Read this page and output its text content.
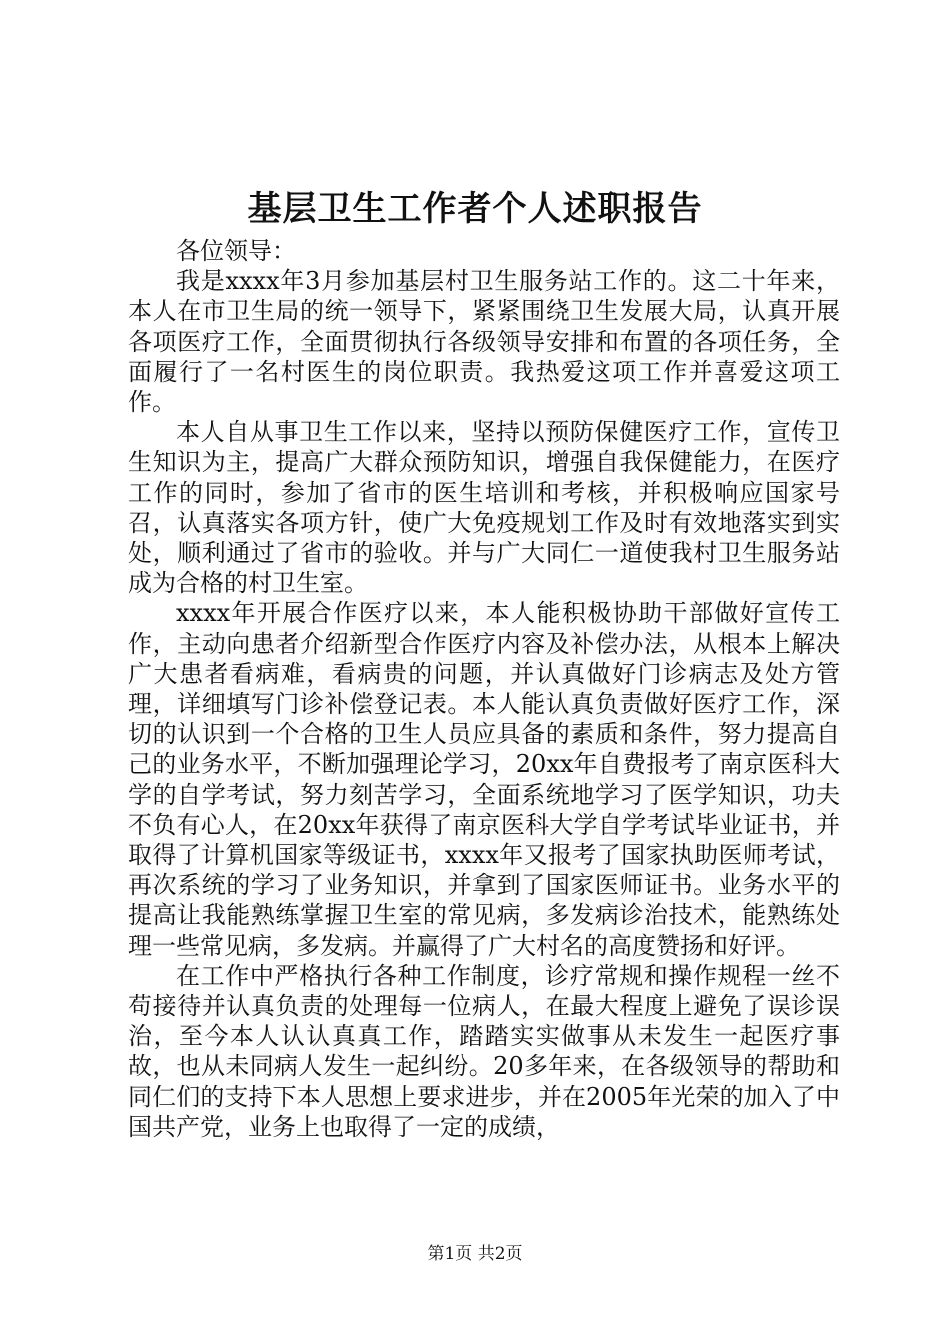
基层卫生工作者个人述职报告

各位领导：

我是xxxx年3月参加基层村卫生服务站工作的。这二十年来，本人在市卫生局的统一领导下，紧紧围绕卫生发展大局，认真开展各项医疗工作，全面贯彻执行各级领导安排和布置的各项任务，全面履行了一名村医生的岗位职责。我热爱这项工作并喜爱这项工作。

本人自从事卫生工作以来，坚持以预防保健医疗工作，宣传卫生知识为主，提高广大群众预防知识，增强自我保健能力，在医疗工作的同时，参加了省市的医生培训和考核，并积极响应国家号召，认真落实各项方针，使广大免疫规划工作及时有效地落实到实处，顺利通过了省市的验收。并与广大同仁一道使我村卫生服务站成为合格的村卫生室。

xxxx年开展合作医疗以来，本人能积极协助干部做好宣传工作，主动向患者介绍新型合作医疗内容及补偿办法，从根本上解决广大患者看病难，看病贵的问题，并认真做好门诊病志及处方管理，详细填写门诊补偿登记表。本人能认真负责做好医疗工作，深切的认识到一个合格的卫生人员应具备的素质和条件，努力提高自己的业务水平，不断加强理论学习，20xx年自费报考了南京医科大学的自学考试，努力刻苦学习，全面系统地学习了医学知识，功夫不负有心人，在20xx年获得了南京医科大学自学考试毕业证书，并取得了计算机国家等级证书，xxxx年又报考了国家执助医师考试，再次系统的学习了业务知识，并拿到了国家医师证书。业务水平的提高让我能熟练掌握卫生室的常见病，多发病诊治技术，能熟练处理一些常见病，多发病。并赢得了广大村名的高度赞扬和好评。

在工作中严格执行各种工作制度，诊疗常规和操作规程一丝不苟接待并认真负责的处理每一位病人，在最大程度上避免了误诊误治，至今本人认认真真工作，踏踏实实做事从未发生一起医疗事故，也从未同病人发生一起纠纷。20多年来，在各级领导的帮助和同仁们的支持下本人思想上要求进步，并在2005年光荣的加入了中国共产党，业务上也取得了一定的成绩，

第1页 共2页
